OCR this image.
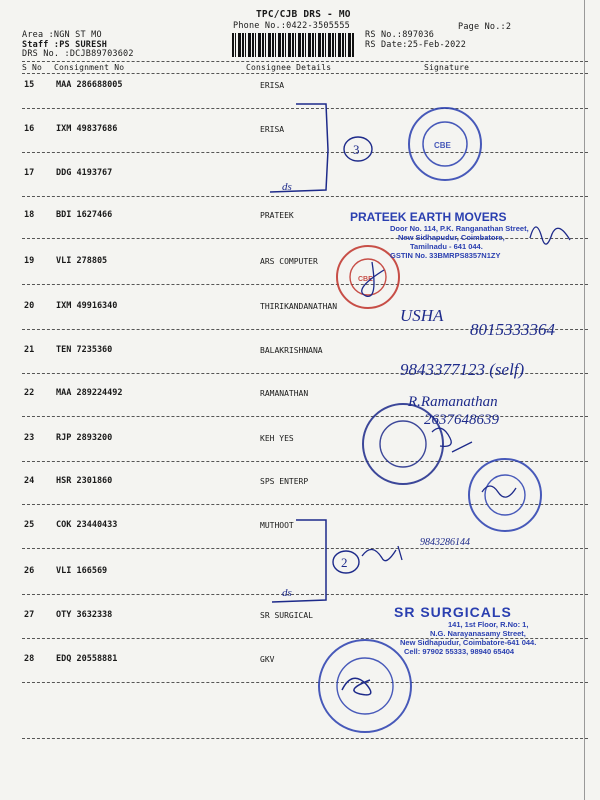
TPC/CJB DRS - MO
Phone No.:0422-3505555
Area :NGN ST MO
Staff :PS SURESH
DRS No. :DCJB89703602
RS No.:897036
RS Date:25-Feb-2022
Page No.:2
S No Consignment No	Consignee Details	Signature
15	MAA 286688005	ERISA
16	IXM 49837686	ERISA
17	DDG 4193767
18	BDI 1627466	PRATEEK
19	VLI 278805	ARS COMPUTER
20	IXM 49916340	THIRIKANDANATHAN
21	TEN 7235360	BALAKRISHNANA
22	MAA 289224492	RAMANATHAN
23	RJP 2893200	KEH YES
24	HSR 2301860	SPS ENTERP
25	COK 23440433	MUTHOOT
26	VLI 166569
27	OTY 3632338	SR SURGICAL
28	EDQ 20558881	GKV
ds
3	CBE
CBE
ds
2
PRATEEK EARTH MOVERS
Door No. 114, P.K. Ranganathan Street,
New Sidhapudur, Coimbatore,
Tamilnadu - 641 044.
GSTIN No. 33BMRPS8357N1ZY
SR SURGICALS
141, 1st Floor, R.No: 1,
N.G. Narayanasamy Street,
New Sidhapudur, Coimbatore-641 044.
Cell: 97902 55333, 98940 65404
USHA
8015333364
9843377123 (self)
R.Ramanathan
2637648639
9843286144
